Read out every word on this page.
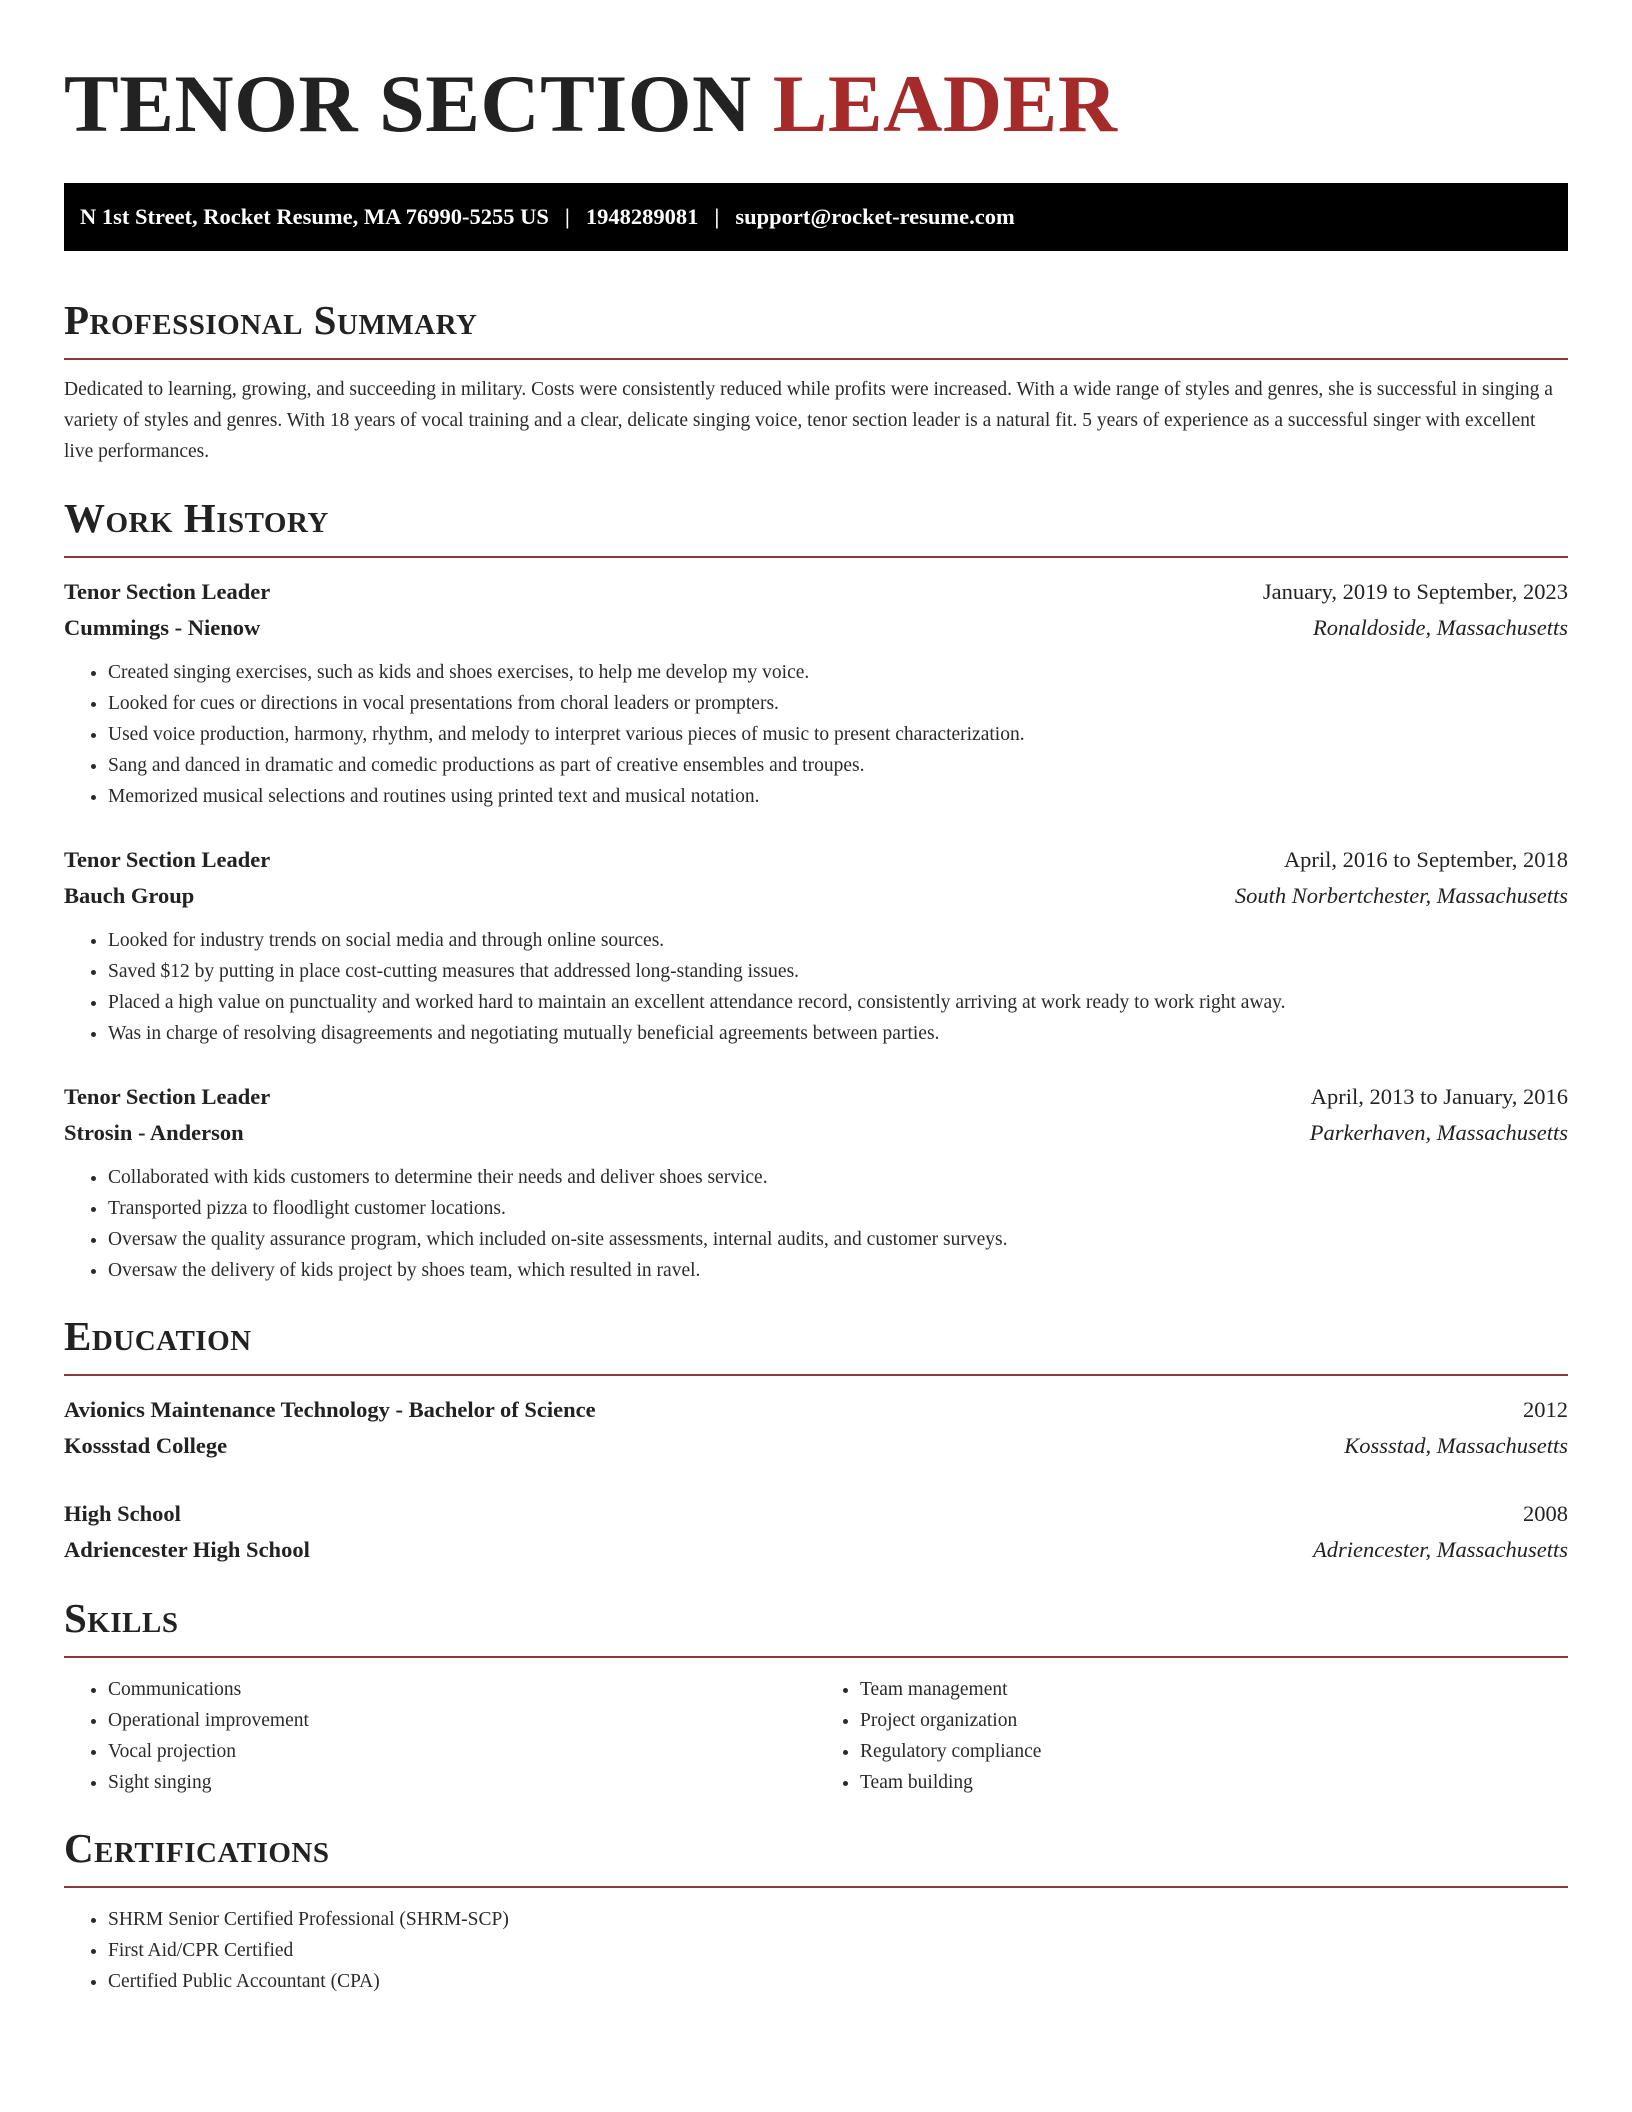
TENOR SECTION LEADER
N 1st Street, Rocket Resume, MA 76990-5255 US | 1948289081 | support@rocket-resume.com
Professional Summary

Dedicated to learning, growing, and succeeding in military. Costs were consistently reduced while profits were increased. With a wide range of styles and genres, she is successful in singing a variety of styles and genres. With 18 years of vocal training and a clear, delicate singing voice, tenor section leader is a natural fit. 5 years of experience as a successful singer with excellent live performances.

Work History
Tenor Section Leader	January, 2019 to September, 2023
Cummings - Nienow	Ronaldoside, Massachusetts
• Created singing exercises, such as kids and shoes exercises, to help me develop my voice.
• Looked for cues or directions in vocal presentations from choral leaders or prompters.
• Used voice production, harmony, rhythm, and melody to interpret various pieces of music to present characterization.
• Sang and danced in dramatic and comedic productions as part of creative ensembles and troupes.
• Memorized musical selections and routines using printed text and musical notation.
Tenor Section Leader	April, 2016 to September, 2018
Bauch Group	South Norbertchester, Massachusetts
• Looked for industry trends on social media and through online sources.
• Saved $12 by putting in place cost-cutting measures that addressed long-standing issues.
• Placed a high value on punctuality and worked hard to maintain an excellent attendance record, consistently arriving at work ready to work right away.
• Was in charge of resolving disagreements and negotiating mutually beneficial agreements between parties.
Tenor Section Leader	April, 2013 to January, 2016
Strosin - Anderson	Parkerhaven, Massachusetts
• Collaborated with kids customers to determine their needs and deliver shoes service.
• Transported pizza to floodlight customer locations.
• Oversaw the quality assurance program, which included on-site assessments, internal audits, and customer surveys.
• Oversaw the delivery of kids project by shoes team, which resulted in ravel.
Education
Avionics Maintenance Technology - Bachelor of Science	2012
Kossstad College	Kossstad, Massachusetts
High School	2008
Adriencester High School	Adriencester, Massachusetts
Skills
• Communications
• Operational improvement
• Vocal projection
• Sight singing
• Team management
• Project organization
• Regulatory compliance
• Team building
Certifications
• SHRM Senior Certified Professional (SHRM-SCP)
• First Aid/CPR Certified
• Certified Public Accountant (CPA)
